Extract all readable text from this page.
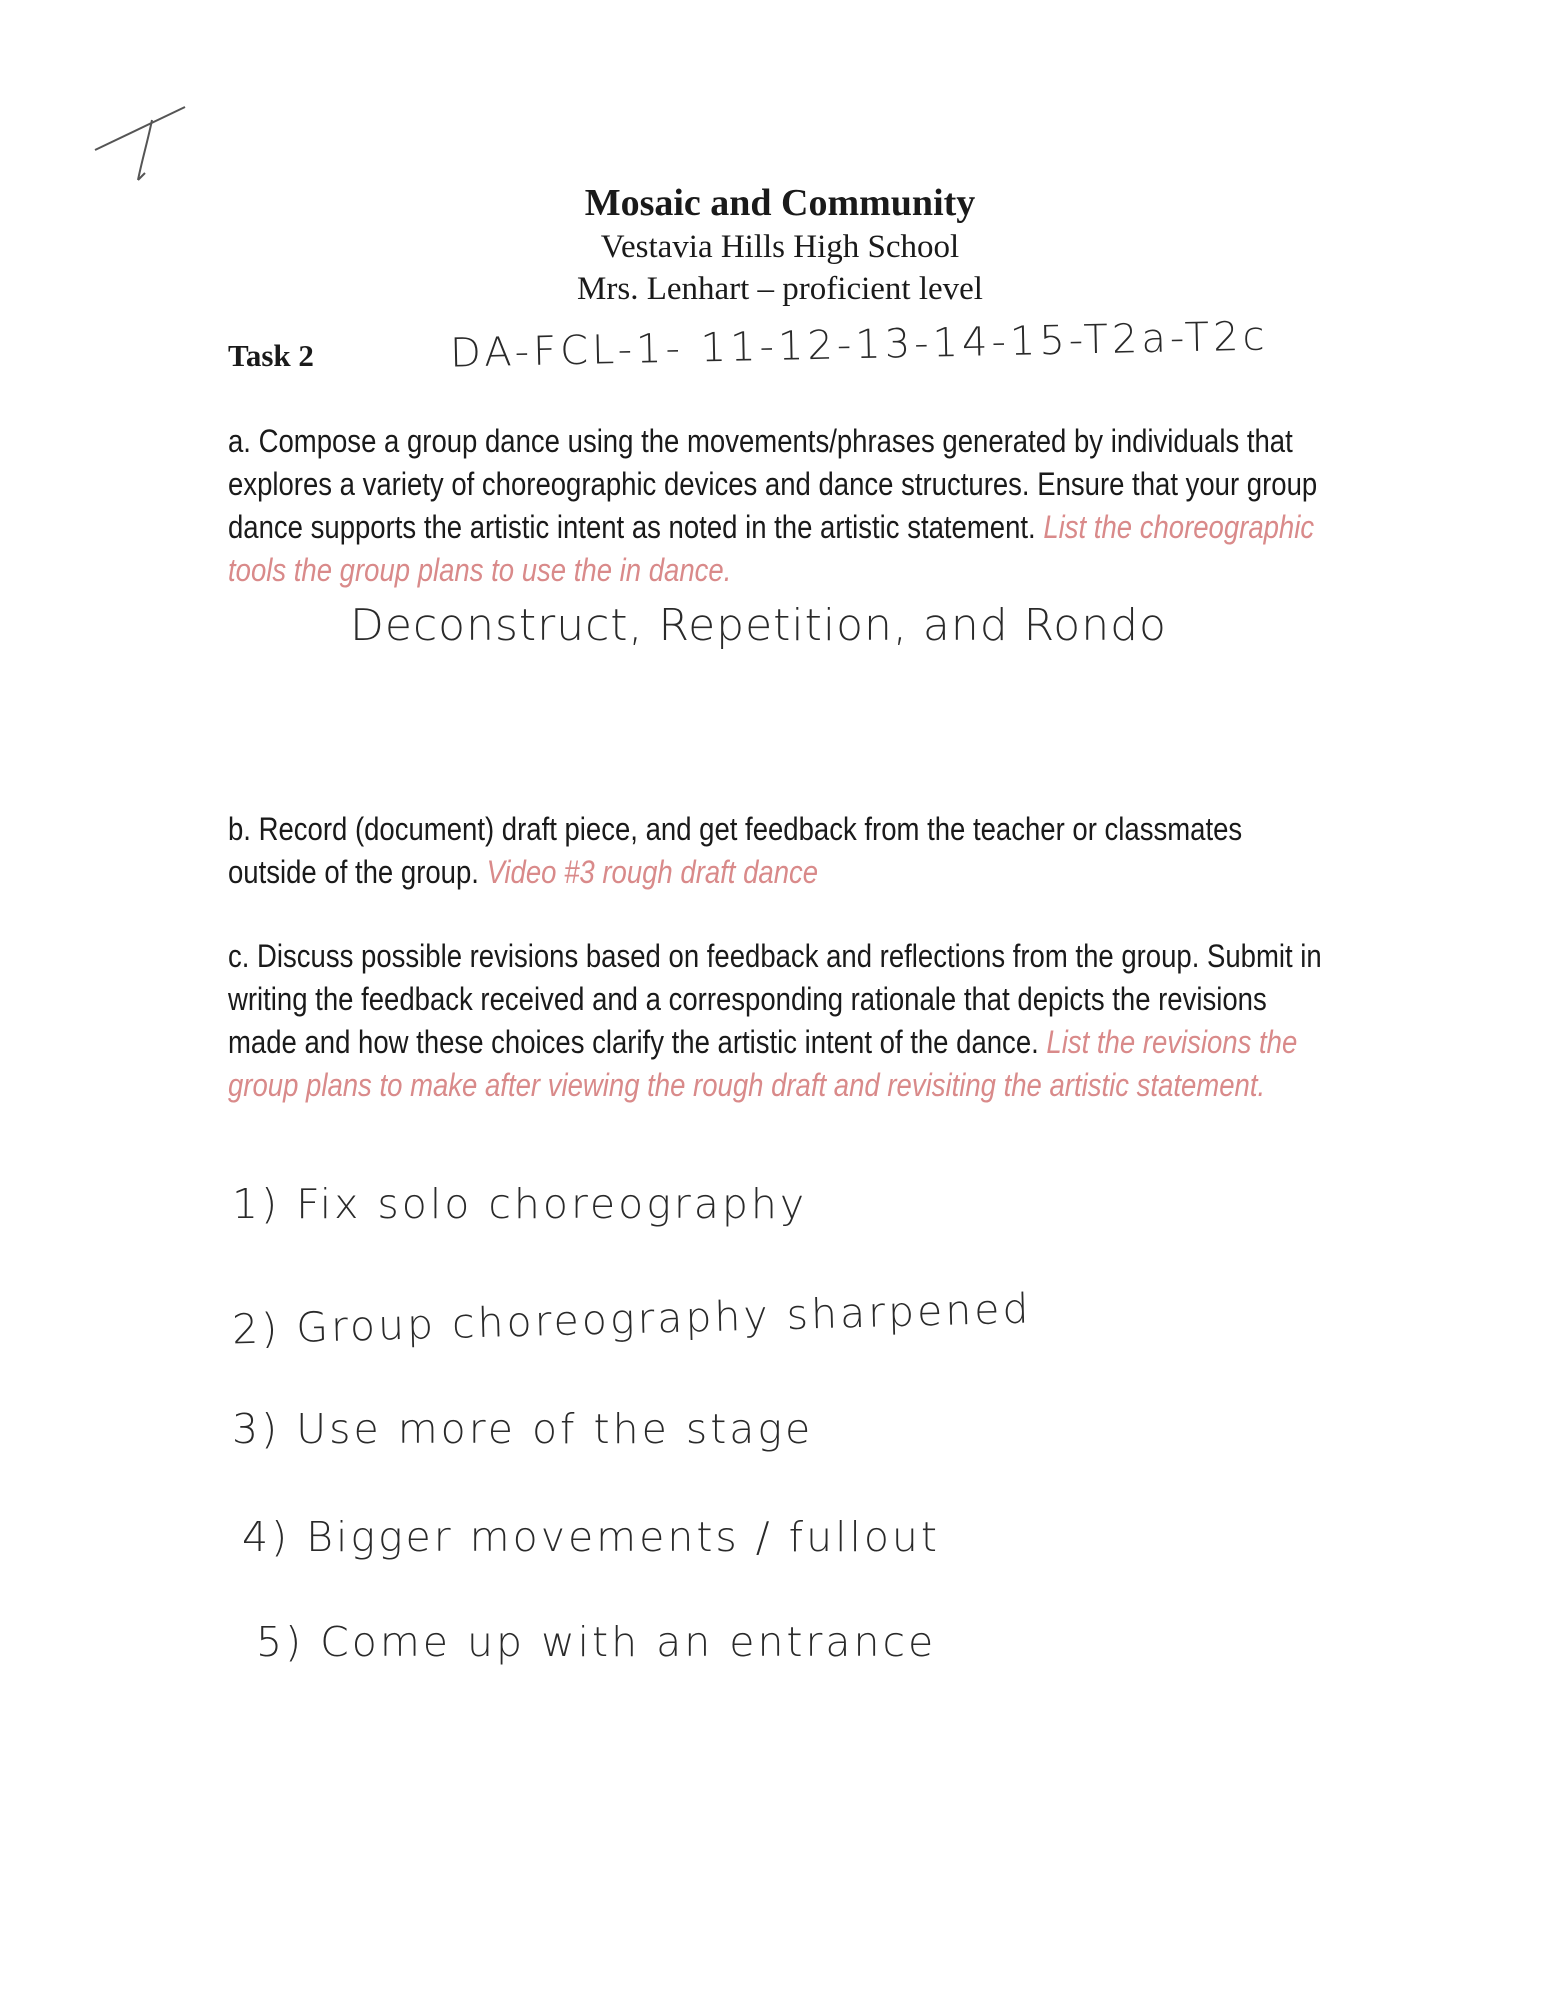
Mosaic and Community

Vestavia Hills High School

Mrs. Lenhart – proficient level

Task 2	DA-FCL-1- 11-12-13-14-15-T2a-T2c
a. Compose a group dance using the movements/phrases generated by individuals that explores a variety of choreographic devices and dance structures. Ensure that your group dance supports the artistic intent as noted in the artistic statement. List the choreographic tools the group plans to use the in dance.
Deconstruct, Repetition, and Rondo
b. Record (document) draft piece, and get feedback from the teacher or classmates outside of the group. Video #3 rough draft dance
c. Discuss possible revisions based on feedback and reflections from the group. Submit in writing the feedback received and a corresponding rationale that depicts the revisions made and how these choices clarify the artistic intent of the dance. List the revisions the group plans to make after viewing the rough draft and revisiting the artistic statement.
1) Fix solo choreography
2) Group choreography sharpened
3) Use more of the stage
4) Bigger movements / fullout
5) Come up with an entrance
